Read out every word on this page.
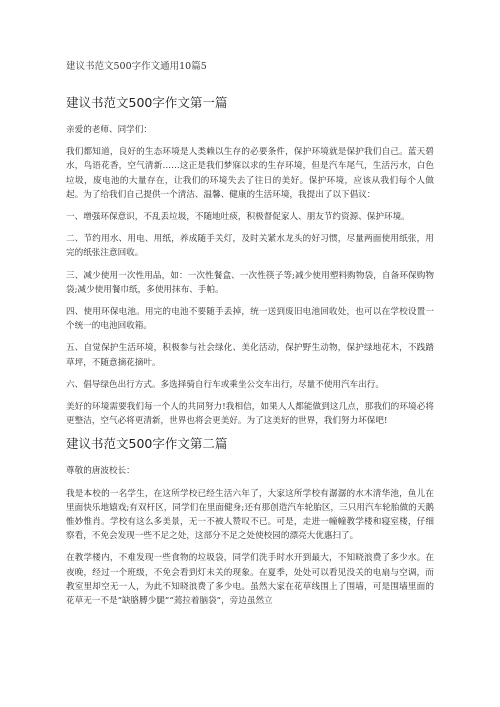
建议书范文500字作文通用10篇5
建议书范文500字作文第一篇

亲爱的老师、同学们：

我们都知道，良好的生态环境是人类赖以生存的必要条件，保护环境就是保护我们自己。蓝天碧水，鸟语花香，空气清新……这正是我们梦寐以求的生存环境，但是汽车尾气，生活污水，白色垃圾，废电池的大量存在，让我们的环境失去了往日的美好。保护环境，应该从我们每个人做起。为了给我们自己提供一个清洁、温馨、健康的生活环境，我提出了以下倡议：

一、增强环保意识，不乱丢垃圾，不随地吐痰，积极督促家人、朋友节约资源、保护环境。

二、节约用水、用电、用纸，养成随手关灯，及时关紧水龙头的好习惯，尽量两面使用纸张，用完的纸张注意回收。

三、减少使用一次性用品，如：一次性餐盒、一次性筷子等;减少使用塑料购物袋，自备环保购物袋;减少使用餐巾纸，多使用抹布、手帕。

四、使用环保电池。用完的电池不要随手丢掉，统一送到废旧电池回收处，也可以在学校设置一个统一的电池回收箱。

五、自觉保护生活环境，积极参与社会绿化、美化活动，保护野生动物，保护绿地花木，不践踏草坪，不随意摘花摘叶。

六、倡导绿色出行方式。多选择骑自行车或乘坐公交车出行，尽量不使用汽车出行。

美好的环境需要我们每一个人的共同努力!我相信，如果人人都能做到这几点，那我们的环境必将更整洁，空气必将更清新，世界也将会更美好。为了这美好的世界，我们努力坏保吧!

建议书范文500字作文第二篇

尊敬的唐波校长：

我是本校的一名学生，在这所学校已经生活六年了，大家这所学校有潺潺的水木清华池，鱼儿在里面快乐地嬉戏;有双杆区，同学们在里面健身;还有那创造汽车轮胎区，三只用汽车轮胎做的天鹅惟妙惟肖。学校有这么多美景，无一不被人赞叹不已。可是，走进一幢幢教学楼和寝室楼，仔细察看，不免会发现一些不足之处，这部分不足之处使校园的漂亮大优惠扫了。

在教学楼内，不难发现一些食物的垃圾袋，同学们洗手时水开到最大，不知晓浪费了多少水。在夜晚，经过一个班级，不免会看到灯未关的现象。在夏季，处处可以看见没关的电扇与空调，而教室里却空无一人，为此不知晓浪费了多少电。虽然大家在花草线围上了围墙，可是围墙里面的花草无一不是“缺胳膊少腿”“蔫拉着脑袋”，旁边虽然立
